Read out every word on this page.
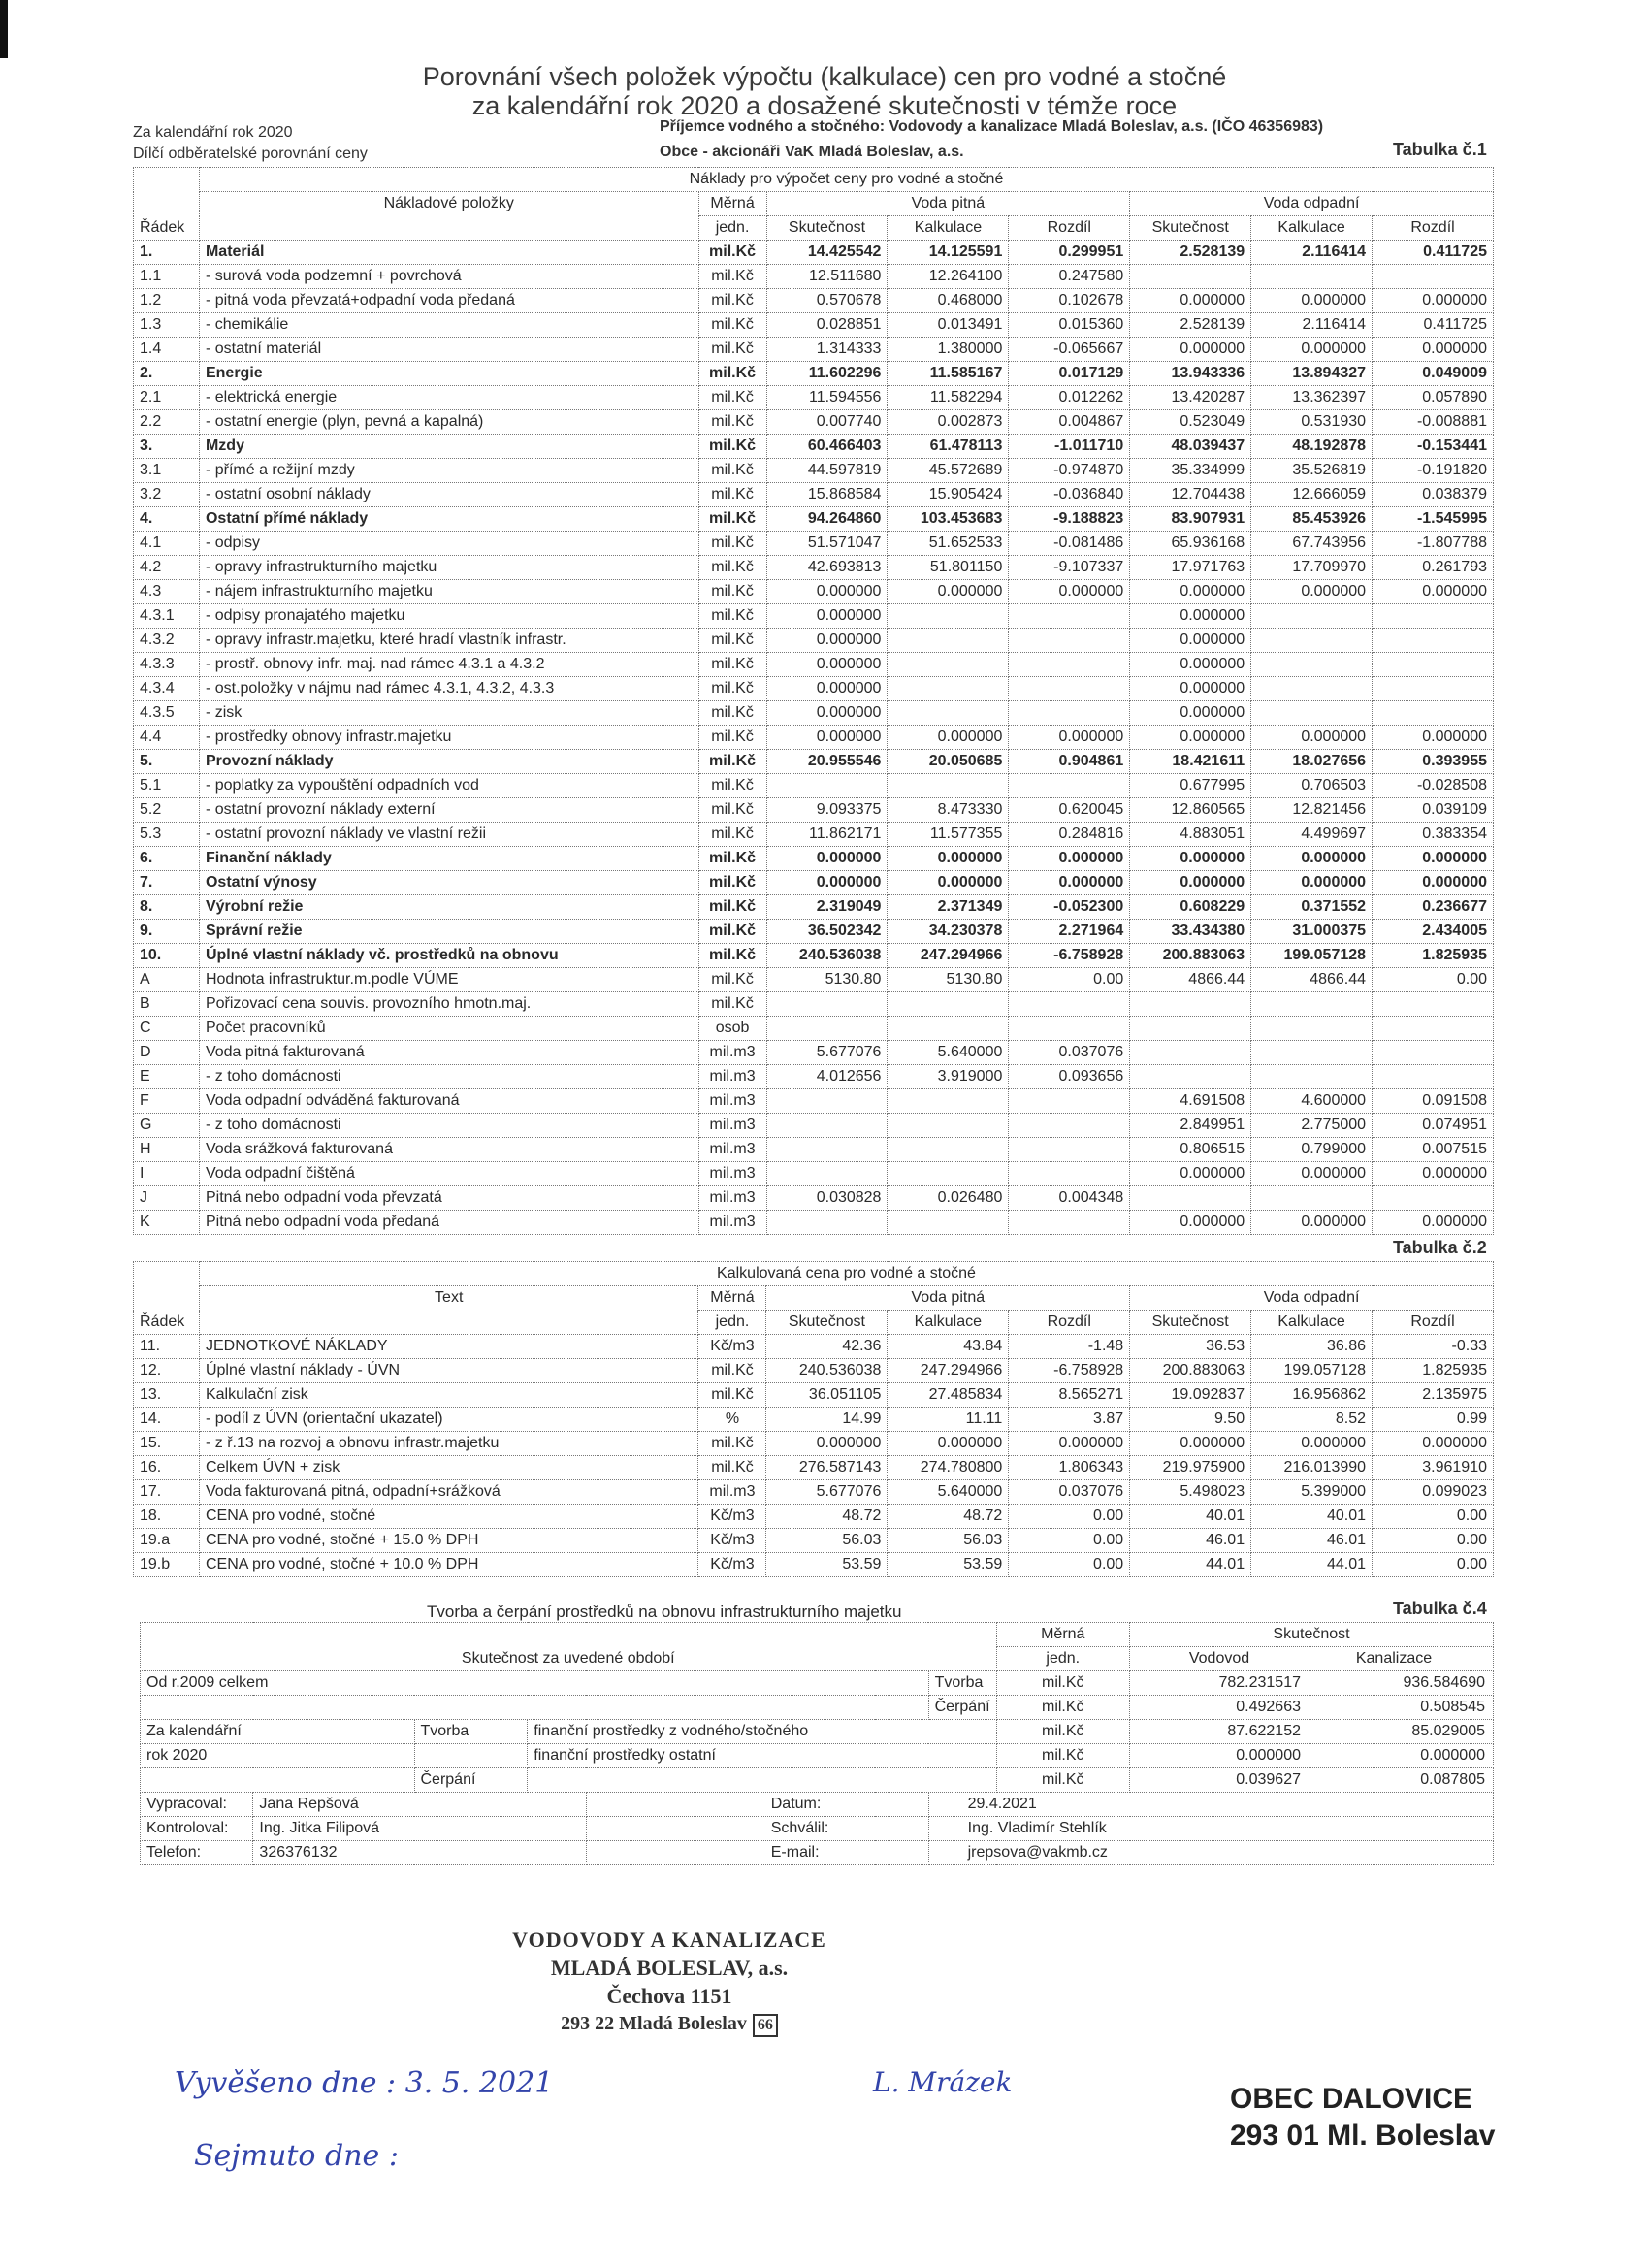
Porovnání všech položek výpočtu (kalkulace) cen pro vodné a stočné
za kalendářní rok 2020 a dosažené skutečnosti v témže roce
Za kalendářní rok 2020
Dílčí odběratelské porovnání ceny
Příjemce vodného a stočného: Vodovody a kanalizace Mladá Boleslav, a.s. (IČO 46356983)
Obce - akcionáři VaK Mladá Boleslav, a.s.	Tabulka č.1
Řádek	Náklady pro výpočet ceny pro vodné a stočné							
	Nákladové položky	Měrná	Voda pitná			Voda odpadní		
		jedn.	Skutečnost	Kalkulace	Rozdíl	Skutečnost	Kalkulace	Rozdíl
1.	Materiál	mil.Kč	14.425542	14.125591	0.299951	2.528139	2.116414	0.411725
1.1	- surová voda podzemní + povrchová	mil.Kč	12.511680	12.264100	0.247580			
1.2	- pitná voda převzatá+odpadní voda předaná	mil.Kč	0.570678	0.468000	0.102678	0.000000	0.000000	0.000000
1.3	- chemikálie	mil.Kč	0.028851	0.013491	0.015360	2.528139	2.116414	0.411725
1.4	- ostatní materiál	mil.Kč	1.314333	1.380000	-0.065667	0.000000	0.000000	0.000000
2.	Energie	mil.Kč	11.602296	11.585167	0.017129	13.943336	13.894327	0.049009
2.1	- elektrická energie	mil.Kč	11.594556	11.582294	0.012262	13.420287	13.362397	0.057890
2.2	- ostatní energie (plyn, pevná a kapalná)	mil.Kč	0.007740	0.002873	0.004867	0.523049	0.531930	-0.008881
3.	Mzdy	mil.Kč	60.466403	61.478113	-1.011710	48.039437	48.192878	-0.153441
3.1	- přímé a režijní mzdy	mil.Kč	44.597819	45.572689	-0.974870	35.334999	35.526819	-0.191820
3.2	- ostatní osobní náklady	mil.Kč	15.868584	15.905424	-0.036840	12.704438	12.666059	0.038379
4.	Ostatní přímé náklady	mil.Kč	94.264860	103.453683	-9.188823	83.907931	85.453926	-1.545995
4.1	- odpisy	mil.Kč	51.571047	51.652533	-0.081486	65.936168	67.743956	-1.807788
4.2	- opravy infrastrukturního majetku	mil.Kč	42.693813	51.801150	-9.107337	17.971763	17.709970	0.261793
4.3	- nájem infrastrukturního majetku	mil.Kč	0.000000	0.000000	0.000000	0.000000	0.000000	0.000000
4.3.1	- odpisy pronajatého majetku	mil.Kč	0.000000			0.000000		
4.3.2	- opravy infrastr.majetku, které hradí vlastník infrastr.	mil.Kč	0.000000			0.000000		
4.3.3	- prostř. obnovy infr. maj. nad rámec 4.3.1 a 4.3.2	mil.Kč	0.000000			0.000000		
4.3.4	- ost.položky v nájmu nad rámec 4.3.1, 4.3.2, 4.3.3	mil.Kč	0.000000			0.000000		
4.3.5	- zisk	mil.Kč	0.000000			0.000000		
4.4	- prostředky obnovy infrastr.majetku	mil.Kč	0.000000	0.000000	0.000000	0.000000	0.000000	0.000000
5.	Provozní náklady	mil.Kč	20.955546	20.050685	0.904861	18.421611	18.027656	0.393955
5.1	- poplatky za vypouštění odpadních vod	mil.Kč				0.677995	0.706503	-0.028508
5.2	- ostatní provozní náklady externí	mil.Kč	9.093375	8.473330	0.620045	12.860565	12.821456	0.039109
5.3	- ostatní provozní náklady ve vlastní režii	mil.Kč	11.862171	11.577355	0.284816	4.883051	4.499697	0.383354
6.	Finanční náklady	mil.Kč	0.000000	0.000000	0.000000	0.000000	0.000000	0.000000
7.	Ostatní výnosy	mil.Kč	0.000000	0.000000	0.000000	0.000000	0.000000	0.000000
8.	Výrobní režie	mil.Kč	2.319049	2.371349	-0.052300	0.608229	0.371552	0.236677
9.	Správní režie	mil.Kč	36.502342	34.230378	2.271964	33.434380	31.000375	2.434005
10.	Úplné vlastní náklady vč. prostředků na obnovu	mil.Kč	240.536038	247.294966	-6.758928	200.883063	199.057128	1.825935
A	Hodnota infrastruktur.m.podle VÚME	mil.Kč	5130.80	5130.80	0.00	4866.44	4866.44	0.00
B	Pořizovací cena souvis. provozního hmotn.maj.	mil.Kč						
C	Počet pracovníků	osob						
D	Voda pitná fakturovaná	mil.m3	5.677076	5.640000	0.037076			
E	- z toho domácnosti	mil.m3	4.012656	3.919000	0.093656			
F	Voda odpadní odváděná fakturovaná	mil.m3				4.691508	4.600000	0.091508
G	- z toho domácnosti	mil.m3				2.849951	2.775000	0.074951
H	Voda srážková fakturovaná	mil.m3				0.806515	0.799000	0.007515
I	Voda odpadní čištěná	mil.m3				0.000000	0.000000	0.000000
J	Pitná nebo odpadní voda převzatá	mil.m3	0.030828	0.026480	0.004348			
K	Pitná nebo odpadní voda předaná	mil.m3				0.000000	0.000000	0.000000
Tabulka č.2
Řádek	Kalkulovaná cena pro vodné a stočné							
	Text	Měrná	Voda pitná			Voda odpadní		
		jedn.	Skutečnost	Kalkulace	Rozdíl	Skutečnost	Kalkulace	Rozdíl
11.	JEDNOTKOVÉ NÁKLADY	Kč/m3	42.36	43.84	-1.48	36.53	36.86	-0.33
12.	Úplné vlastní náklady - ÚVN	mil.Kč	240.536038	247.294966	-6.758928	200.883063	199.057128	1.825935
13.	Kalkulační zisk	mil.Kč	36.051105	27.485834	8.565271	19.092837	16.956862	2.135975
14.	- podíl z ÚVN (orientační ukazatel)	%	14.99	11.11	3.87	9.50	8.52	0.99
15.	- z ř.13 na rozvoj a obnovu infrastr.majetku	mil.Kč	0.000000	0.000000	0.000000	0.000000	0.000000	0.000000
16.	Celkem ÚVN + zisk	mil.Kč	276.587143	274.780800	1.806343	219.975900	216.013990	3.961910
17.	Voda fakturovaná pitná, odpadní+srážková	mil.m3	5.677076	5.640000	0.037076	5.498023	5.399000	0.099023
18.	CENA pro vodné, stočné	Kč/m3	48.72	48.72	0.00	40.01	40.01	0.00
19.a	CENA pro vodné, stočné + 15.0 % DPH	Kč/m3	56.03	56.03	0.00	46.01	46.01	0.00
19.b	CENA pro vodné, stočné + 10.0 % DPH	Kč/m3	53.59	53.59	0.00	44.01	44.01	0.00
Tvorba a čerpání prostředků na obnovu infrastrukturního majetku	Tabulka č.4
Skutečnost za uvedené období						Měrná	Skutečnost
						jedn.	Vodovod Kanalizace
Od r.2009 celkem					Tvorba	mil.Kč	782.231517 936.584690
					Čerpání	mil.Kč	0.492663 0.508545
Za kalendářní		Tvorba	finanční prostředky z vodného/stočného			mil.Kč	87.622152 85.029005
rok 2020			finanční prostředky ostatní			mil.Kč	0.000000 0.000000
		Čerpání				mil.Kč	0.039627 0.087805
Vypracoval:	Jana Repšová			Datum:	29.4.2021		
Kontroloval:	Ing. Jitka Filipová			Schválil:	Ing. Vladimír Stehlík		
Telefon:	326376132			E-mail:	jrepsova@vakmb.cz		
VODOVODY A KANALIZACE
MLADÁ BOLESLAV, a.s.
Čechova 1151
293 22 Mladá Boleslav 66
Vyvěšeno dne : 3. 5. 2021
Sejmuto dne :
L. Mrázek
OBEC DALOVICE
293 01 Ml. Boleslav
